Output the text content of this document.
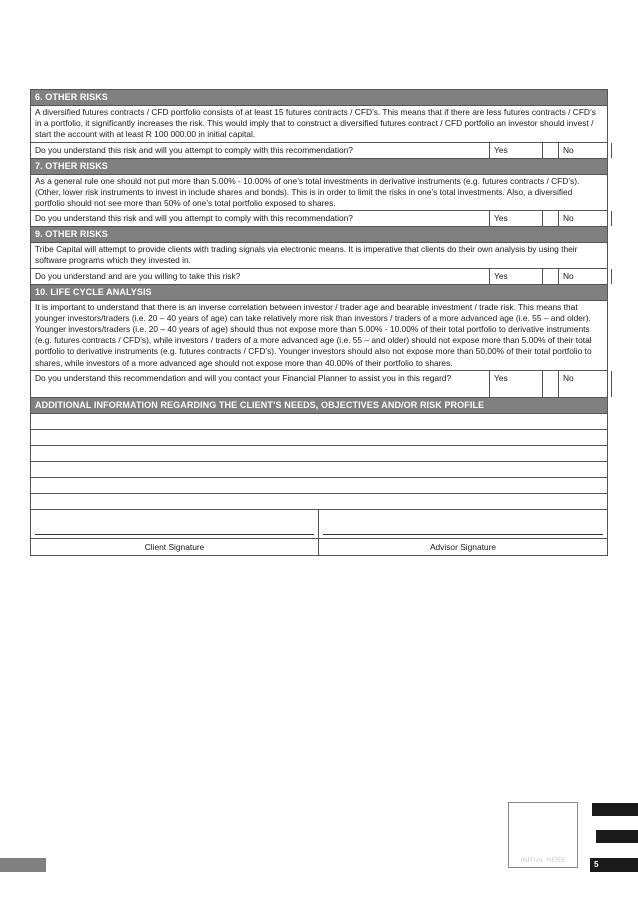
6. OTHER RISKS
A diversified futures contracts / CFD portfolio consists of at least 15 futures contracts / CFD’s. This means that if there are less futures contracts / CFD’s in a portfolio, it significantly increases the risk. This would imply that to construct a diversified futures contract / CFD portfolio an investor should invest / start the account with at least R 100 000.00 in initial capital.
Do you understand this risk and will you attempt to comply with this recommendation?	Yes	No
7. OTHER RISKS
As a general rule one should not put more than 5.00% - 10.00% of one’s total investments in derivative instruments (e.g. futures contracts / CFD’s). (Other, lower risk instruments to invest in include shares and bonds). This is in order to limit the risks in one’s total investments. Also, a diversified portfolio should not see more than 50% of one’s total portfolio exposed to shares.
Do you understand this risk and will you attempt to comply with this recommendation?	Yes	No
9. OTHER RISKS
Tribe Capital will attempt to provide clients with trading signals via electronic means. It is imperative that clients do their own analysis by using their software programs which they invested in.
Do you understand and are you willing to take this risk?	Yes	No
10. LIFE CYCLE ANALYSIS
It is important to understand that there is an inverse correlation between investor / trader age and bearable investment / trade risk. This means that younger investors/traders (i.e. 20 – 40 years of age) can take relatively more risk than investors / traders of a more advanced age (i.e. 55 – and older). Younger investors/traders (i.e. 20 – 40 years of age) should thus not expose more than 5.00% - 10.00% of their total portfolio to derivative instruments (e.g. futures contracts / CFD’s), while investors / traders of a more advanced age (i.e. 55 – and older) should not expose more than 5.00% of their total portfolio to derivative instruments (e.g. futures contracts / CFD’s). Younger investors should also not expose more than 50.00% of their total portfolio to shares, while investors of a more advanced age should not expose more than 40.00% of their portfolio to shares.
Do you understand this recommendation and will you contact your Financial Planner to assist you in this regard?	Yes	No
ADDITIONAL INFORMATION REGARDING THE CLIENT’S NEEDS, OBJECTIVES AND/OR RISK PROFILE
Client Signature	Advisor Signature
INITIAL HERE	5
